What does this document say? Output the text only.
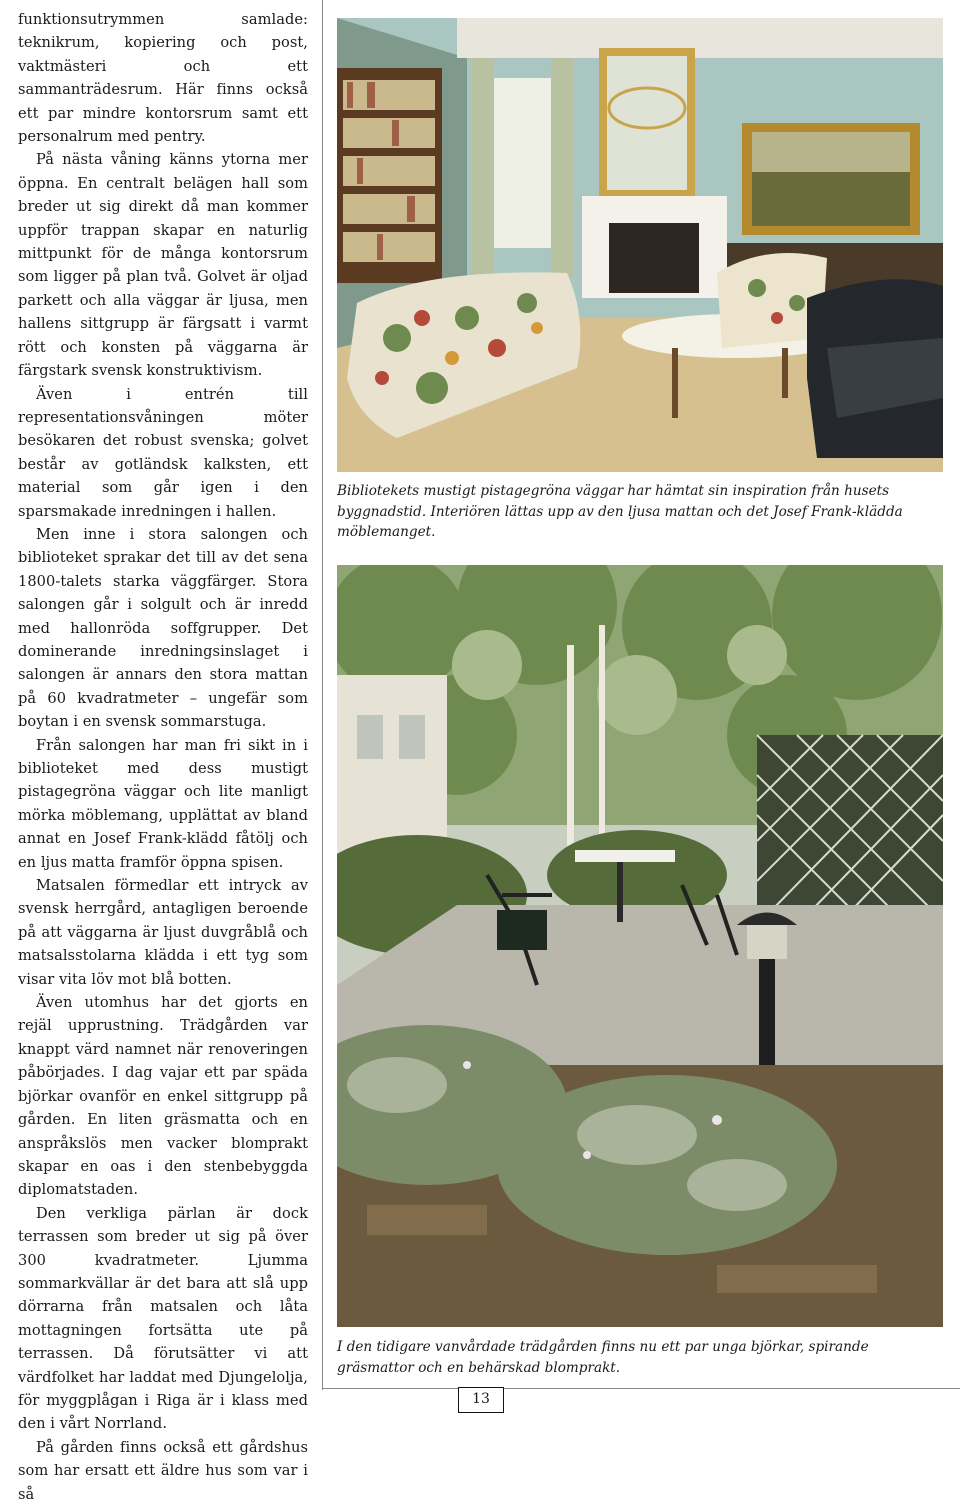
funktionsutrymmen samlade: teknikrum, kopiering och post, vaktmästeri och ett sammanträdesrum. Här finns också ett par mindre kontorsrum samt ett personalrum med pentry.

På nästa våning känns ytorna mer öppna. En centralt belägen hall som breder ut sig direkt då man kommer uppför trappan skapar en naturlig mittpunkt för de många kontorsrum som ligger på plan två. Golvet är oljad parkett och alla väggar är ljusa, men hallens sittgrupp är färgsatt i varmt rött och konsten på väggarna är färgstark svensk konstruktivism.

Även i entrén till representationsvåningen möter besökaren det robust svenska; golvet består av gotländsk kalksten, ett material som går igen i den sparsmakade inredningen i hallen.

Men inne i stora salongen och biblioteket sprakar det till av det sena 1800-talets starka väggfärger. Stora salongen går i solgult och är inredd med hallonröda soffgrupper. Det dominerande inredningsinslaget i salongen är annars den stora mattan på 60 kvadratmeter – ungefär som boytan i en svensk sommarstuga.

Från salongen har man fri sikt in i biblioteket med dess mustigt pistagegröna väggar och lite manligt mörka möblemang, upplättat av bland annat en Josef Frank-klädd fåtölj och en ljus matta framför öppna spisen.

Matsalen förmedlar ett intryck av svensk herrgård, antagligen beroende på att väggarna är ljust duvgråblå och matsalsstolarna klädda i ett tyg som visar vita löv mot blå botten.

Även utomhus har det gjorts en rejäl upprustning. Trädgården var knappt värd namnet när renoveringen påbörjades. I dag vajar ett par späda björkar ovanför en enkel sittgrupp på gården. En liten gräsmatta och en anspråkslös men vacker blomprakt skapar en oas i den stenbebyggda diplomatstaden.

Den verkliga pärlan är dock terrassen som breder ut sig på över 300 kvadratmeter. Ljumma sommarkvällar är det bara att slå upp dörrarna från matsalen och låta mottagningen fortsätta ute på terrassen. Då förutsätter vi att värdfolket har laddat med Djungelolja, för myggplågan i Riga är i klass med den i vårt Norrland.

På gården finns också ett gårdshus som har ersatt ett äldre hus som var i så

Bibliotekets mustigt pistagegröna väggar har hämtat sin inspiration från husets byggnadstid. Interiören lättas upp av den ljusa mattan och det Josef Frank-klädda möblemanget.
I den tidigare vanvårdade trädgården finns nu ett par unga björkar, spirande gräsmattor och en behärskad blomprakt.
13
